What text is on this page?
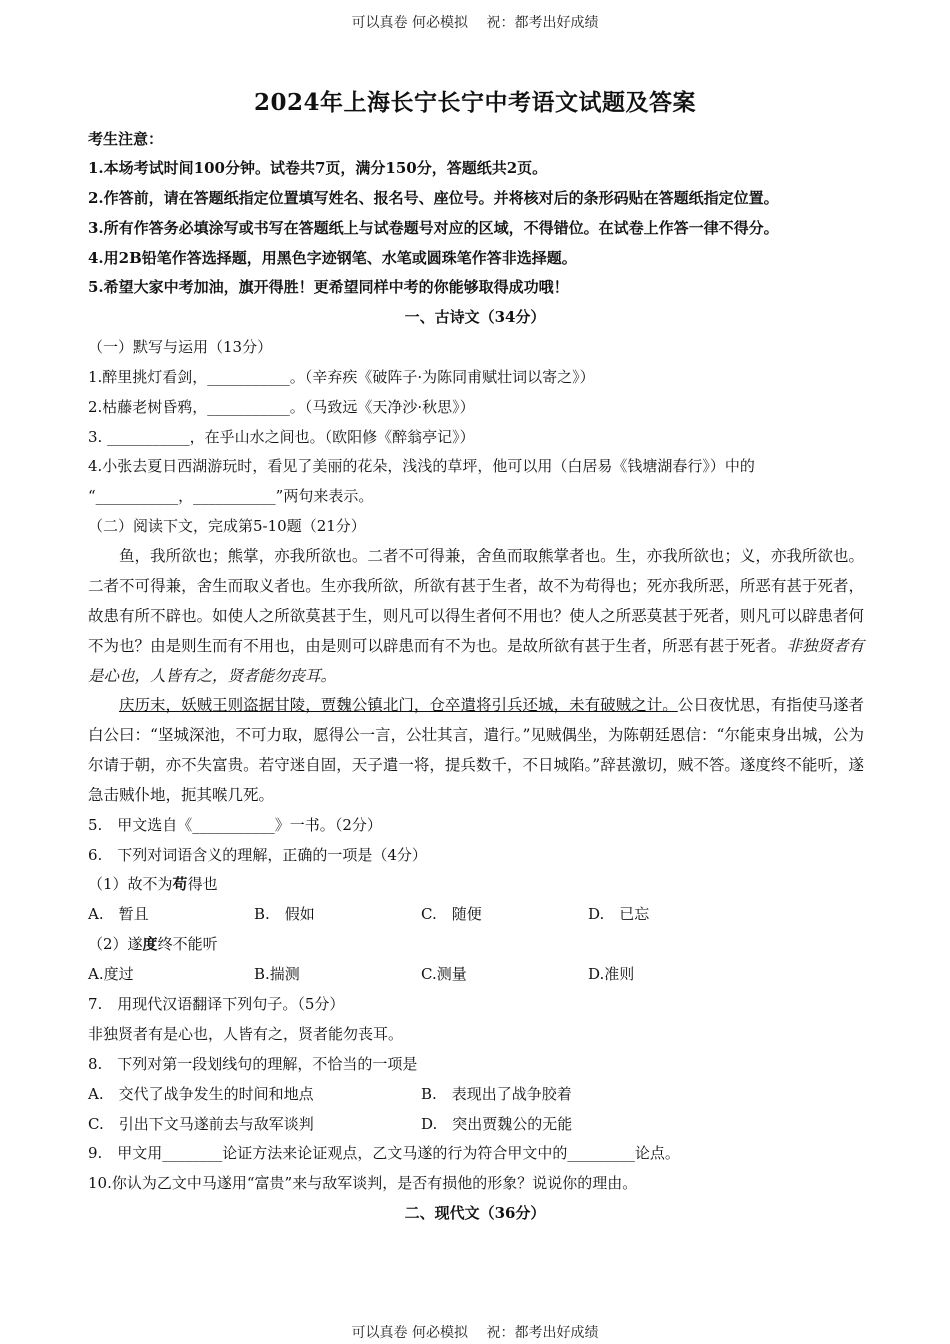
可以真卷 何必模拟　 祝：都考出好成绩
2024年上海长宁长宁中考语文试题及答案
考生注意：
1.本场考试时间100分钟。试卷共7页，满分150分，答题纸共2页。
2.作答前，请在答题纸指定位置填写姓名、报名号、座位号。并将核对后的条形码贴在答题纸指定位置。
3.所有作答务必填涂写或书写在答题纸上与试卷题号对应的区域，不得错位。在试卷上作答一律不得分。
4.用2B铅笔作答选择题，用黑色字迹钢笔、水笔或圆珠笔作答非选择题。
5.希望大家中考加油，旗开得胜！更希望同样中考的你能够取得成功哦！
一、古诗文（34分）
（一）默写与运用（13分）
1.醉里挑灯看剑，___________。（辛弃疾《破阵子·为陈同甫赋壮词以寄之》）
2.枯藤老树昏鸦，___________。（马致远《天净沙·秋思》）
3. ___________，在乎山水之间也。（欧阳修《醉翁亭记》）
4.小张去夏日西湖游玩时，看见了美丽的花朵，浅浅的草坪，他可以用（白居易《钱塘湖春行》）中的
“___________，___________”两句来表示。
（二）阅读下文，完成第5-10题（21分）
鱼，我所欲也；熊掌，亦我所欲也。二者不可得兼，舍鱼而取熊掌者也。生，亦我所欲也；义，亦我所欲也。二者不可得兼，舍生而取义者也。生亦我所欲，所欲有甚于生者，故不为苟得也；死亦我所恶，所恶有甚于死者，故患有所不辟也。如使人之所欲莫甚于生，则凡可以得生者何不用也？使人之所恶莫甚于死者，则凡可以辟患者何不为也？由是则生而有不用也，由是则可以辟患而有不为也。是故所欲有甚于生者，所恶有甚于死者。非独贤者有是心也，人皆有之，贤者能勿丧耳。
庆历末，妖贼王则盗据甘陵，贾魏公镇北门，仓卒遣将引兵还城，未有破贼之计。公日夜忧思，有指使马遂者白公曰：“坚城深池，不可力取，愿得公一言，公壮其言，遣行。”见贼偶坐，为陈朝廷恩信：“尔能束身出城，公为尔请于朝，亦不失富贵。若守迷自固，天子遣一将，提兵数千，不日城陷。”辞甚激切，贼不答。遂度终不能听，遂急击贼仆地，扼其喉几死。
5.　甲文选自《___________》一书。（2分）
6.　下列对词语含义的理解，正确的一项是（4分）
（1）故不为苟得也
A.　暂且	B.　假如	C.　随便	D.　已忘
（2）遂度终不能听
A.度过	B.揣测	C.测量	D.准则
7.　用现代汉语翻译下列句子。（5分）
非独贤者有是心也，人皆有之，贤者能勿丧耳。
8.　下列对第一段划线句的理解，不恰当的一项是
A.　交代了战争发生的时间和地点	B.　表现出了战争胶着
C.　引出下文马遂前去与敌军谈判	D.　突出贾魏公的无能
9.　甲文用________论证方法来论证观点，乙文马遂的行为符合甲文中的_________论点。
10.你认为乙文中马遂用“富贵”来与敌军谈判，是否有损他的形象？说说你的理由。
二、现代文（36分）
可以真卷 何必模拟　 祝：都考出好成绩
